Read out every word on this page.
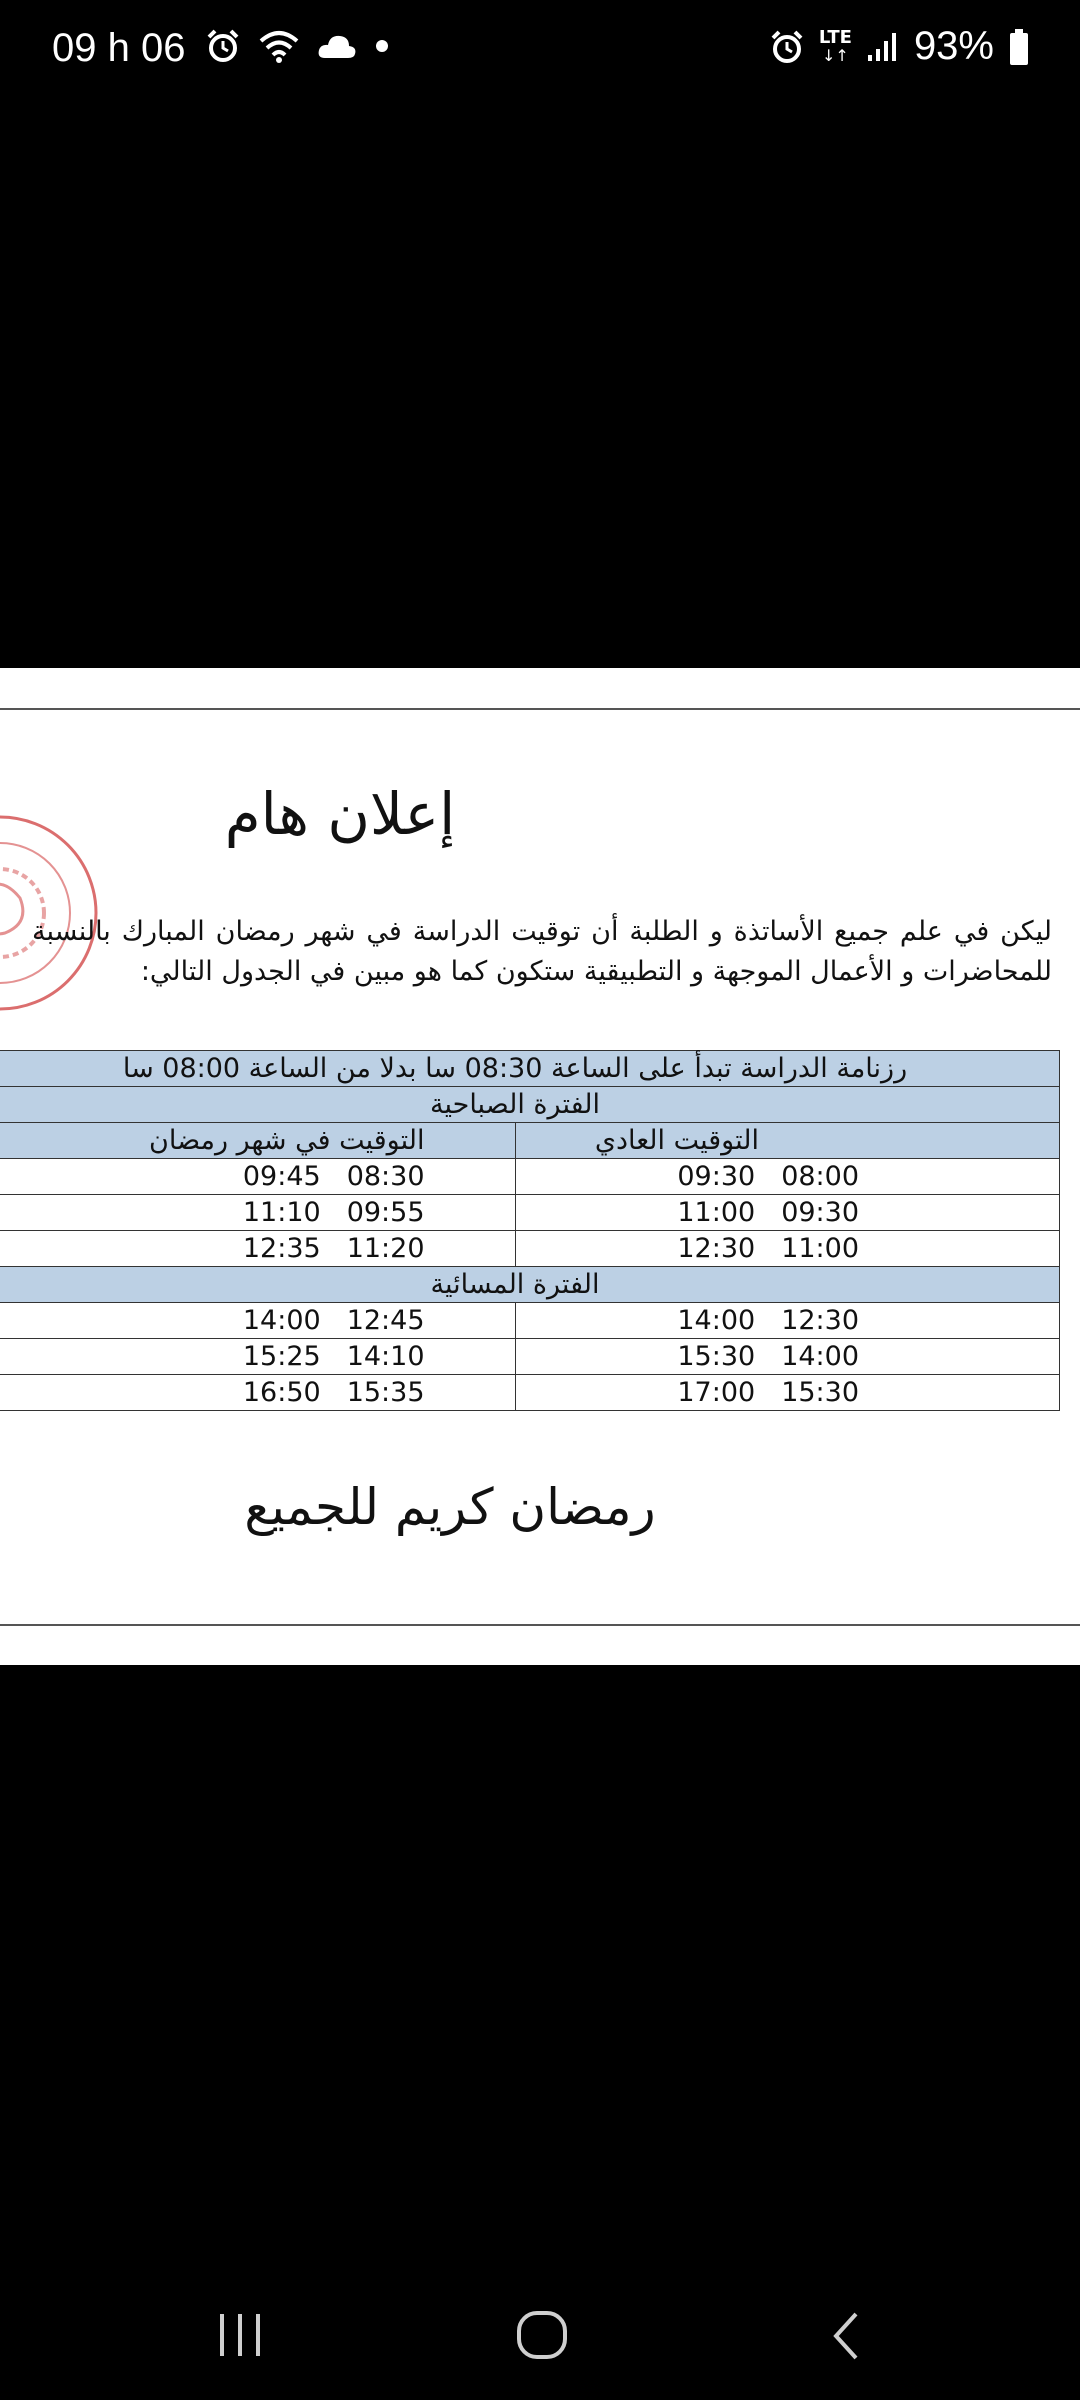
09 h 06	LTE
↓↑ 93%
إعلان هام
ليكن في علم جميع الأساتذة و الطلبة أن توقيت الدراسة في شهر رمضان المبارك بالنسبة للمحاضرات و الأعمال الموجهة و التطبيقية ستكون كما هو مبين في الجدول التالي:
رزنامة الدراسة تبدأ على الساعة 08:30 سا بدلا من الساعة 08:00 سا	
الفترة الصباحية	
التوقيت العادي	التوقيت في شهر رمضان

09:30 08:00	09:45 08:30

11:00 09:30	11:10 09:55

12:30 11:00	12:35 11:20

الفترة المسائية	

14:00 12:30	14:00 12:45

15:30 14:00	15:25 14:10

17:00 15:30	16:50 15:35
رمضان كريم للجميع
